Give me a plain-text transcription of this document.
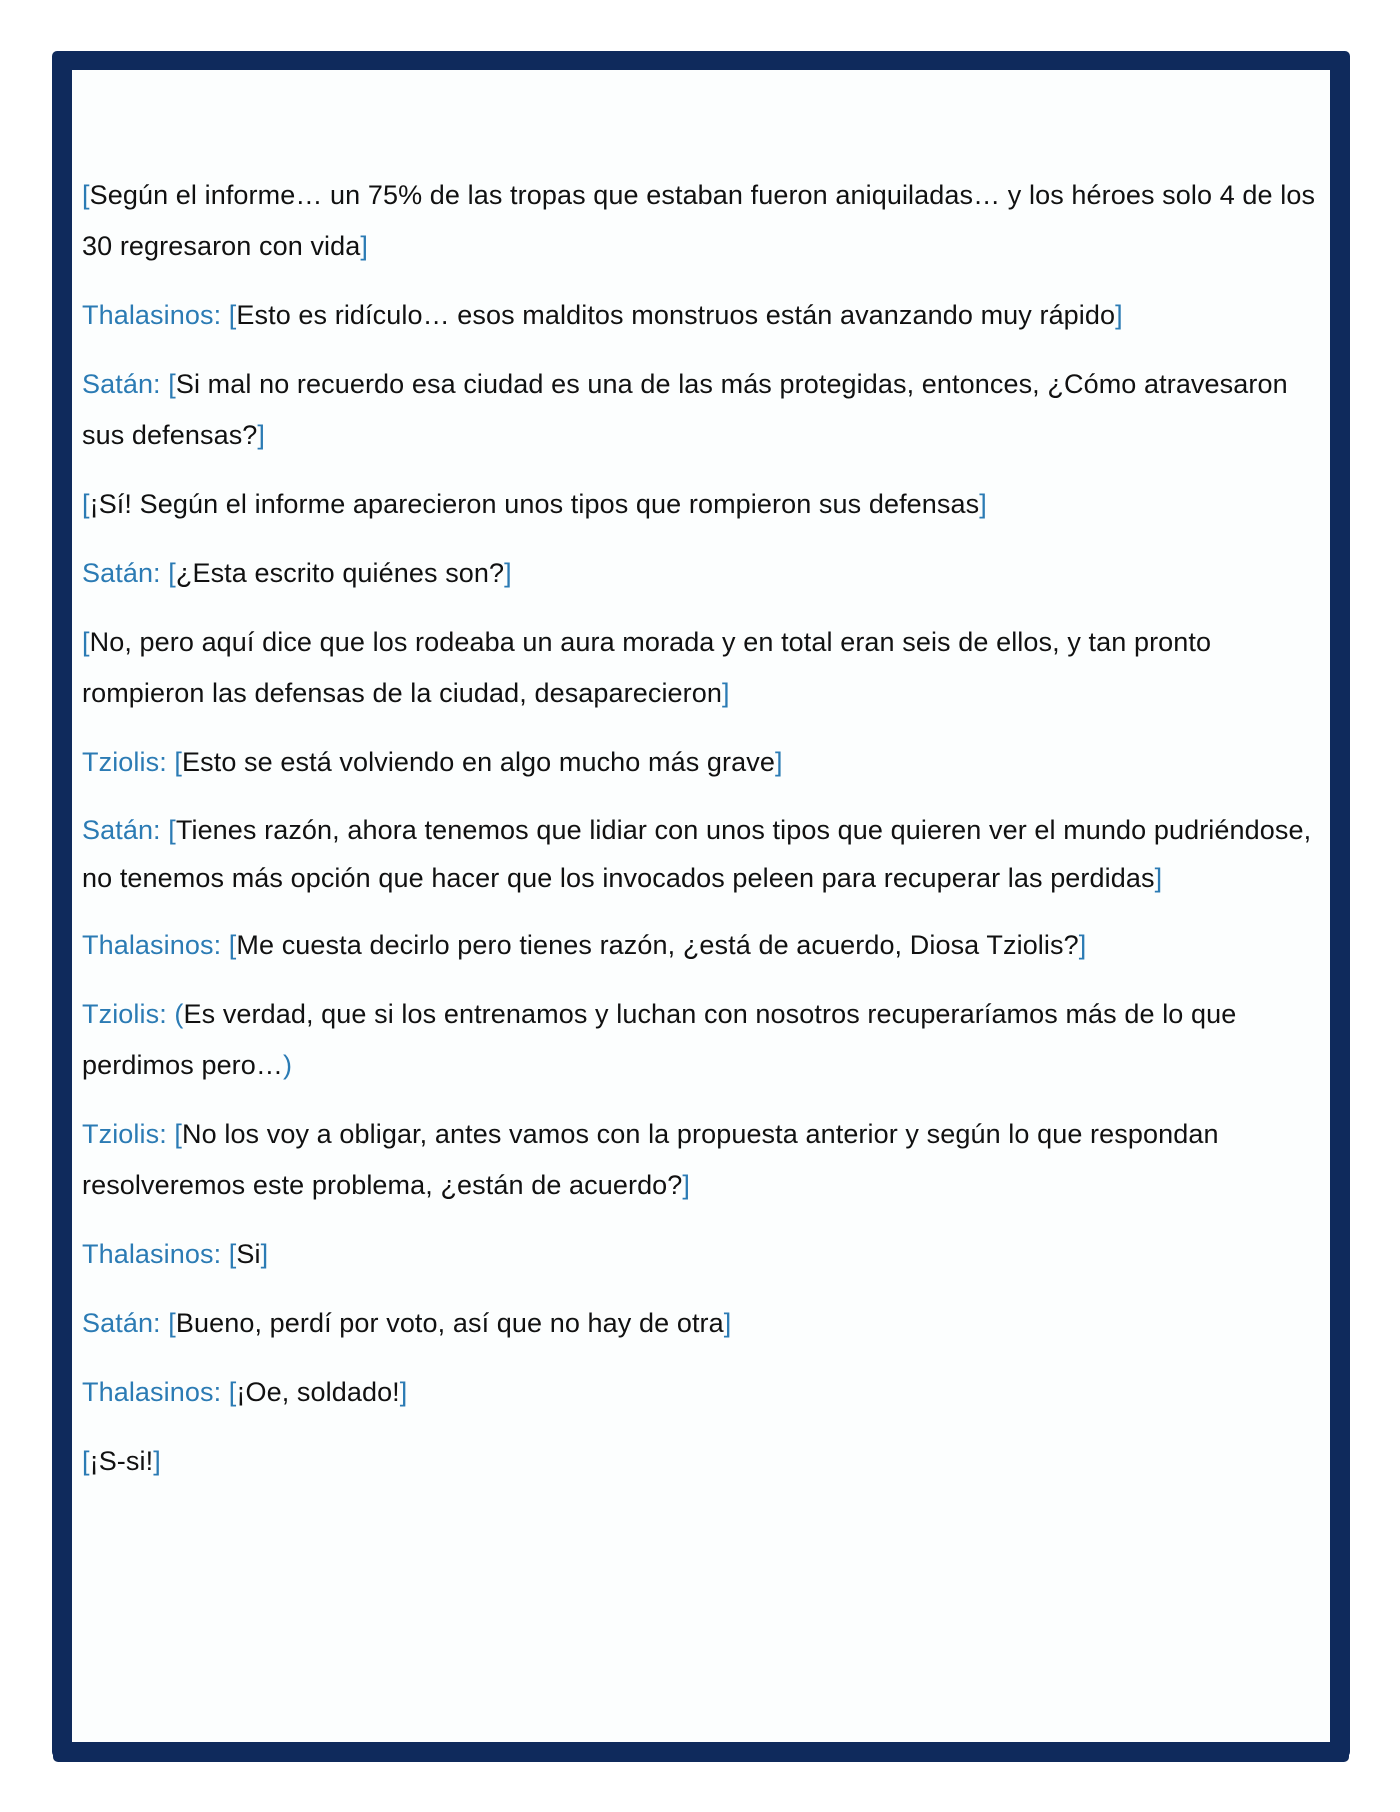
[Según el informe… un 75% de las tropas que estaban fueron aniquiladas… y los héroes solo 4 de los 30 regresaron con vida]

Thalasinos: [Esto es ridículo… esos malditos monstruos están avanzando muy rápido]

Satán: [Si mal no recuerdo esa ciudad es una de las más protegidas, entonces, ¿Cómo atravesaron sus defensas?]

[¡Sí! Según el informe aparecieron unos tipos que rompieron sus defensas]

Satán: [¿Esta escrito quiénes son?]

[No, pero aquí dice que los rodeaba un aura morada y en total eran seis de ellos, y tan pronto rompieron las defensas de la ciudad, desaparecieron]

Tziolis: [Esto se está volviendo en algo mucho más grave]

Satán: [Tienes razón, ahora tenemos que lidiar con unos tipos que quieren ver el mundo pudriéndose, no tenemos más opción que hacer que los invocados peleen para recuperar las perdidas]

Thalasinos: [Me cuesta decirlo pero tienes razón, ¿está de acuerdo, Diosa Tziolis?]

Tziolis: (Es verdad, que si los entrenamos y luchan con nosotros recuperaríamos más de lo que perdimos pero…)

Tziolis: [No los voy a obligar, antes vamos con la propuesta anterior y según lo que respondan resolveremos este problema, ¿están de acuerdo?]

Thalasinos: [Si]

Satán: [Bueno, perdí por voto, así que no hay de otra]

Thalasinos: [¡Oe, soldado!]

[¡S-si!]
